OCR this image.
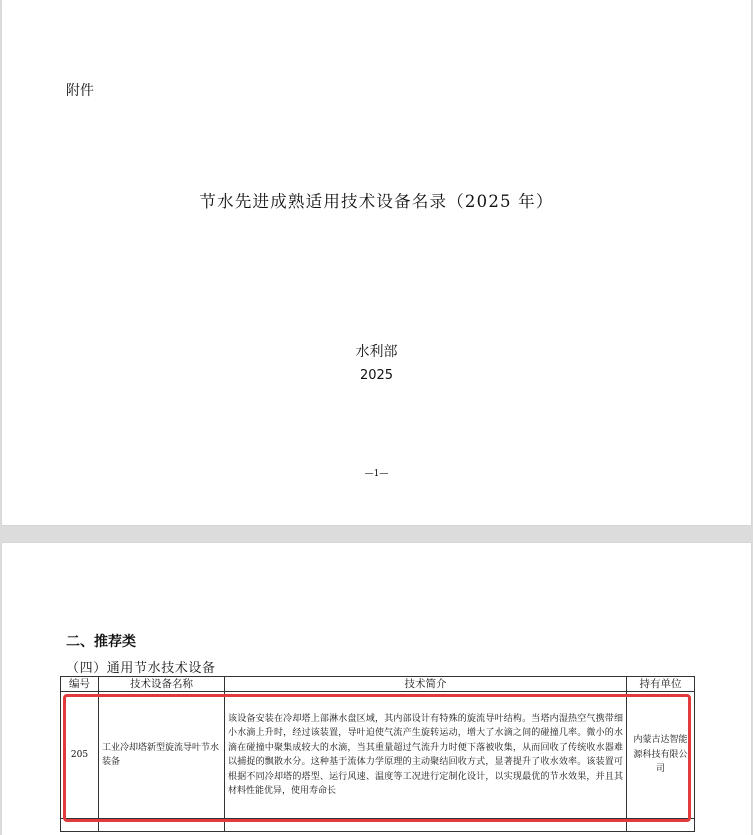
附件
节水先进成熟适用技术设备名录（2025 年）
水利部
2025
—1—
二、推荐类
（四）通用节水技术设备
编号	技术设备名称	技术简介	持有单位
205	工业冷却塔新型旋流导叶节水装备	该设备安装在冷却塔上部淋水盘区域，其内部设计有特殊的旋流导叶结构。当塔内湿热空气携带细小水滴上升时，经过该装置，导叶迫使气流产生旋转运动，增大了水滴之间的碰撞几率。微小的水滴在碰撞中聚集成较大的水滴，当其重量超过气流升力时便下落被收集，从而回收了传统收水器难以捕捉的飘散水分。这种基于流体力学原理的主动聚结回收方式，显著提升了收水效率。该装置可根据不同冷却塔的塔型、运行风速、温度等工况进行定制化设计，以实现最优的节水效果，并且其材料性能优异，使用寿命长	内蒙古达智能源科技有限公司
